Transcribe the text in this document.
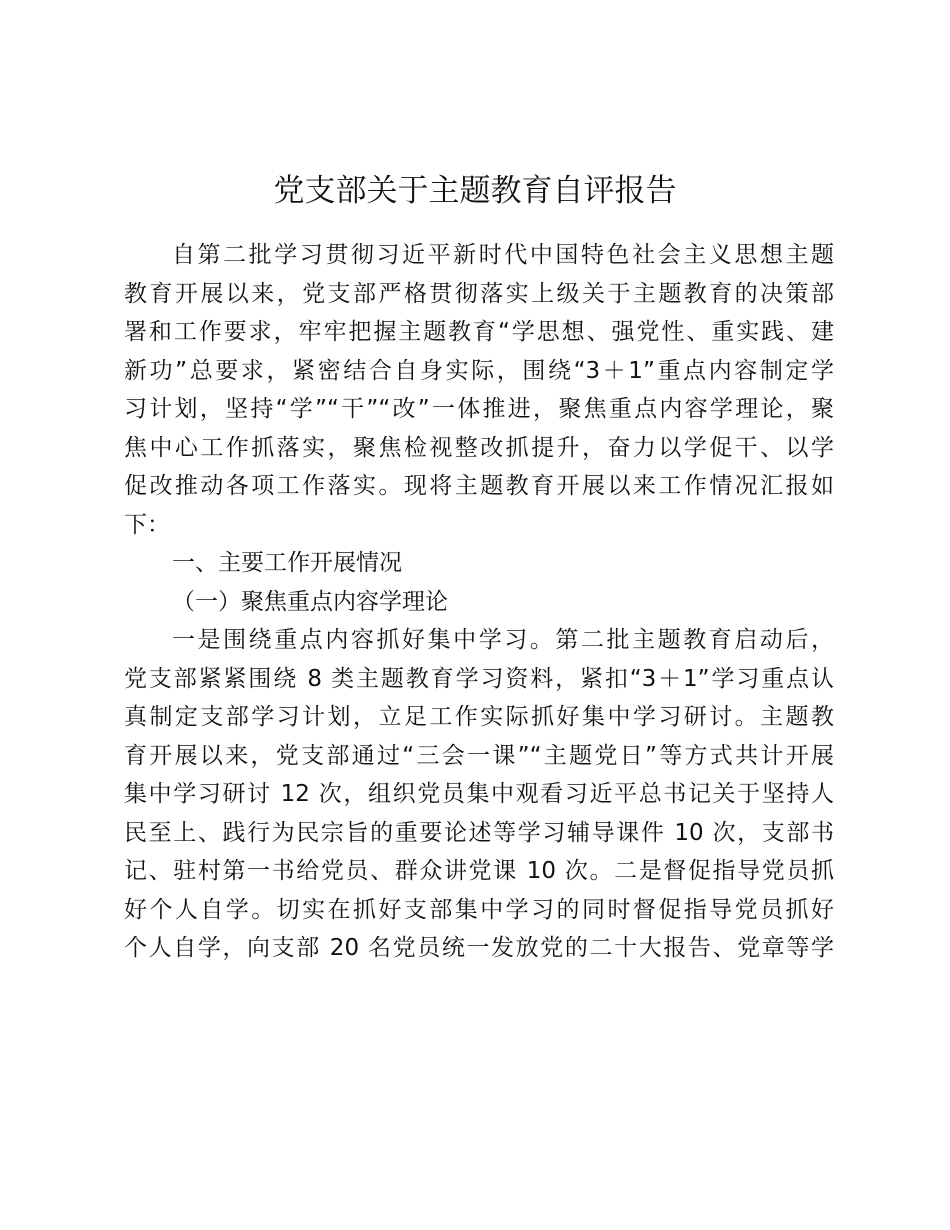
党支部关于主题教育自评报告
自第二批学习贯彻习近平新时代中国特色社会主义思想主题
教育开展以来，党支部严格贯彻落实上级关于主题教育的决策部
署和工作要求，牢牢把握主题教育“学思想、强党性、重实践、建
新功”总要求，紧密结合自身实际，围绕“3＋1”重点内容制定学
习计划，坚持“学”“干”“改”一体推进，聚焦重点内容学理论，聚
焦中心工作抓落实，聚焦检视整改抓提升，奋力以学促干、以学
促改推动各项工作落实。现将主题教育开展以来工作情况汇报如
下：
一、主要工作开展情况
（一）聚焦重点内容学理论
一是围绕重点内容抓好集中学习。第二批主题教育启动后，
党支部紧紧围绕 8 类主题教育学习资料，紧扣“3＋1”学习重点认
真制定支部学习计划，立足工作实际抓好集中学习研讨。主题教
育开展以来，党支部通过“三会一课”“主题党日”等方式共计开展
集中学习研讨 12 次，组织党员集中观看习近平总书记关于坚持人
民至上、践行为民宗旨的重要论述等学习辅导课件 10 次，支部书
记、驻村第一书给党员、群众讲党课 10 次。二是督促指导党员抓
好个人自学。切实在抓好支部集中学习的同时督促指导党员抓好
个人自学，向支部 20 名党员统一发放党的二十大报告、党章等学
